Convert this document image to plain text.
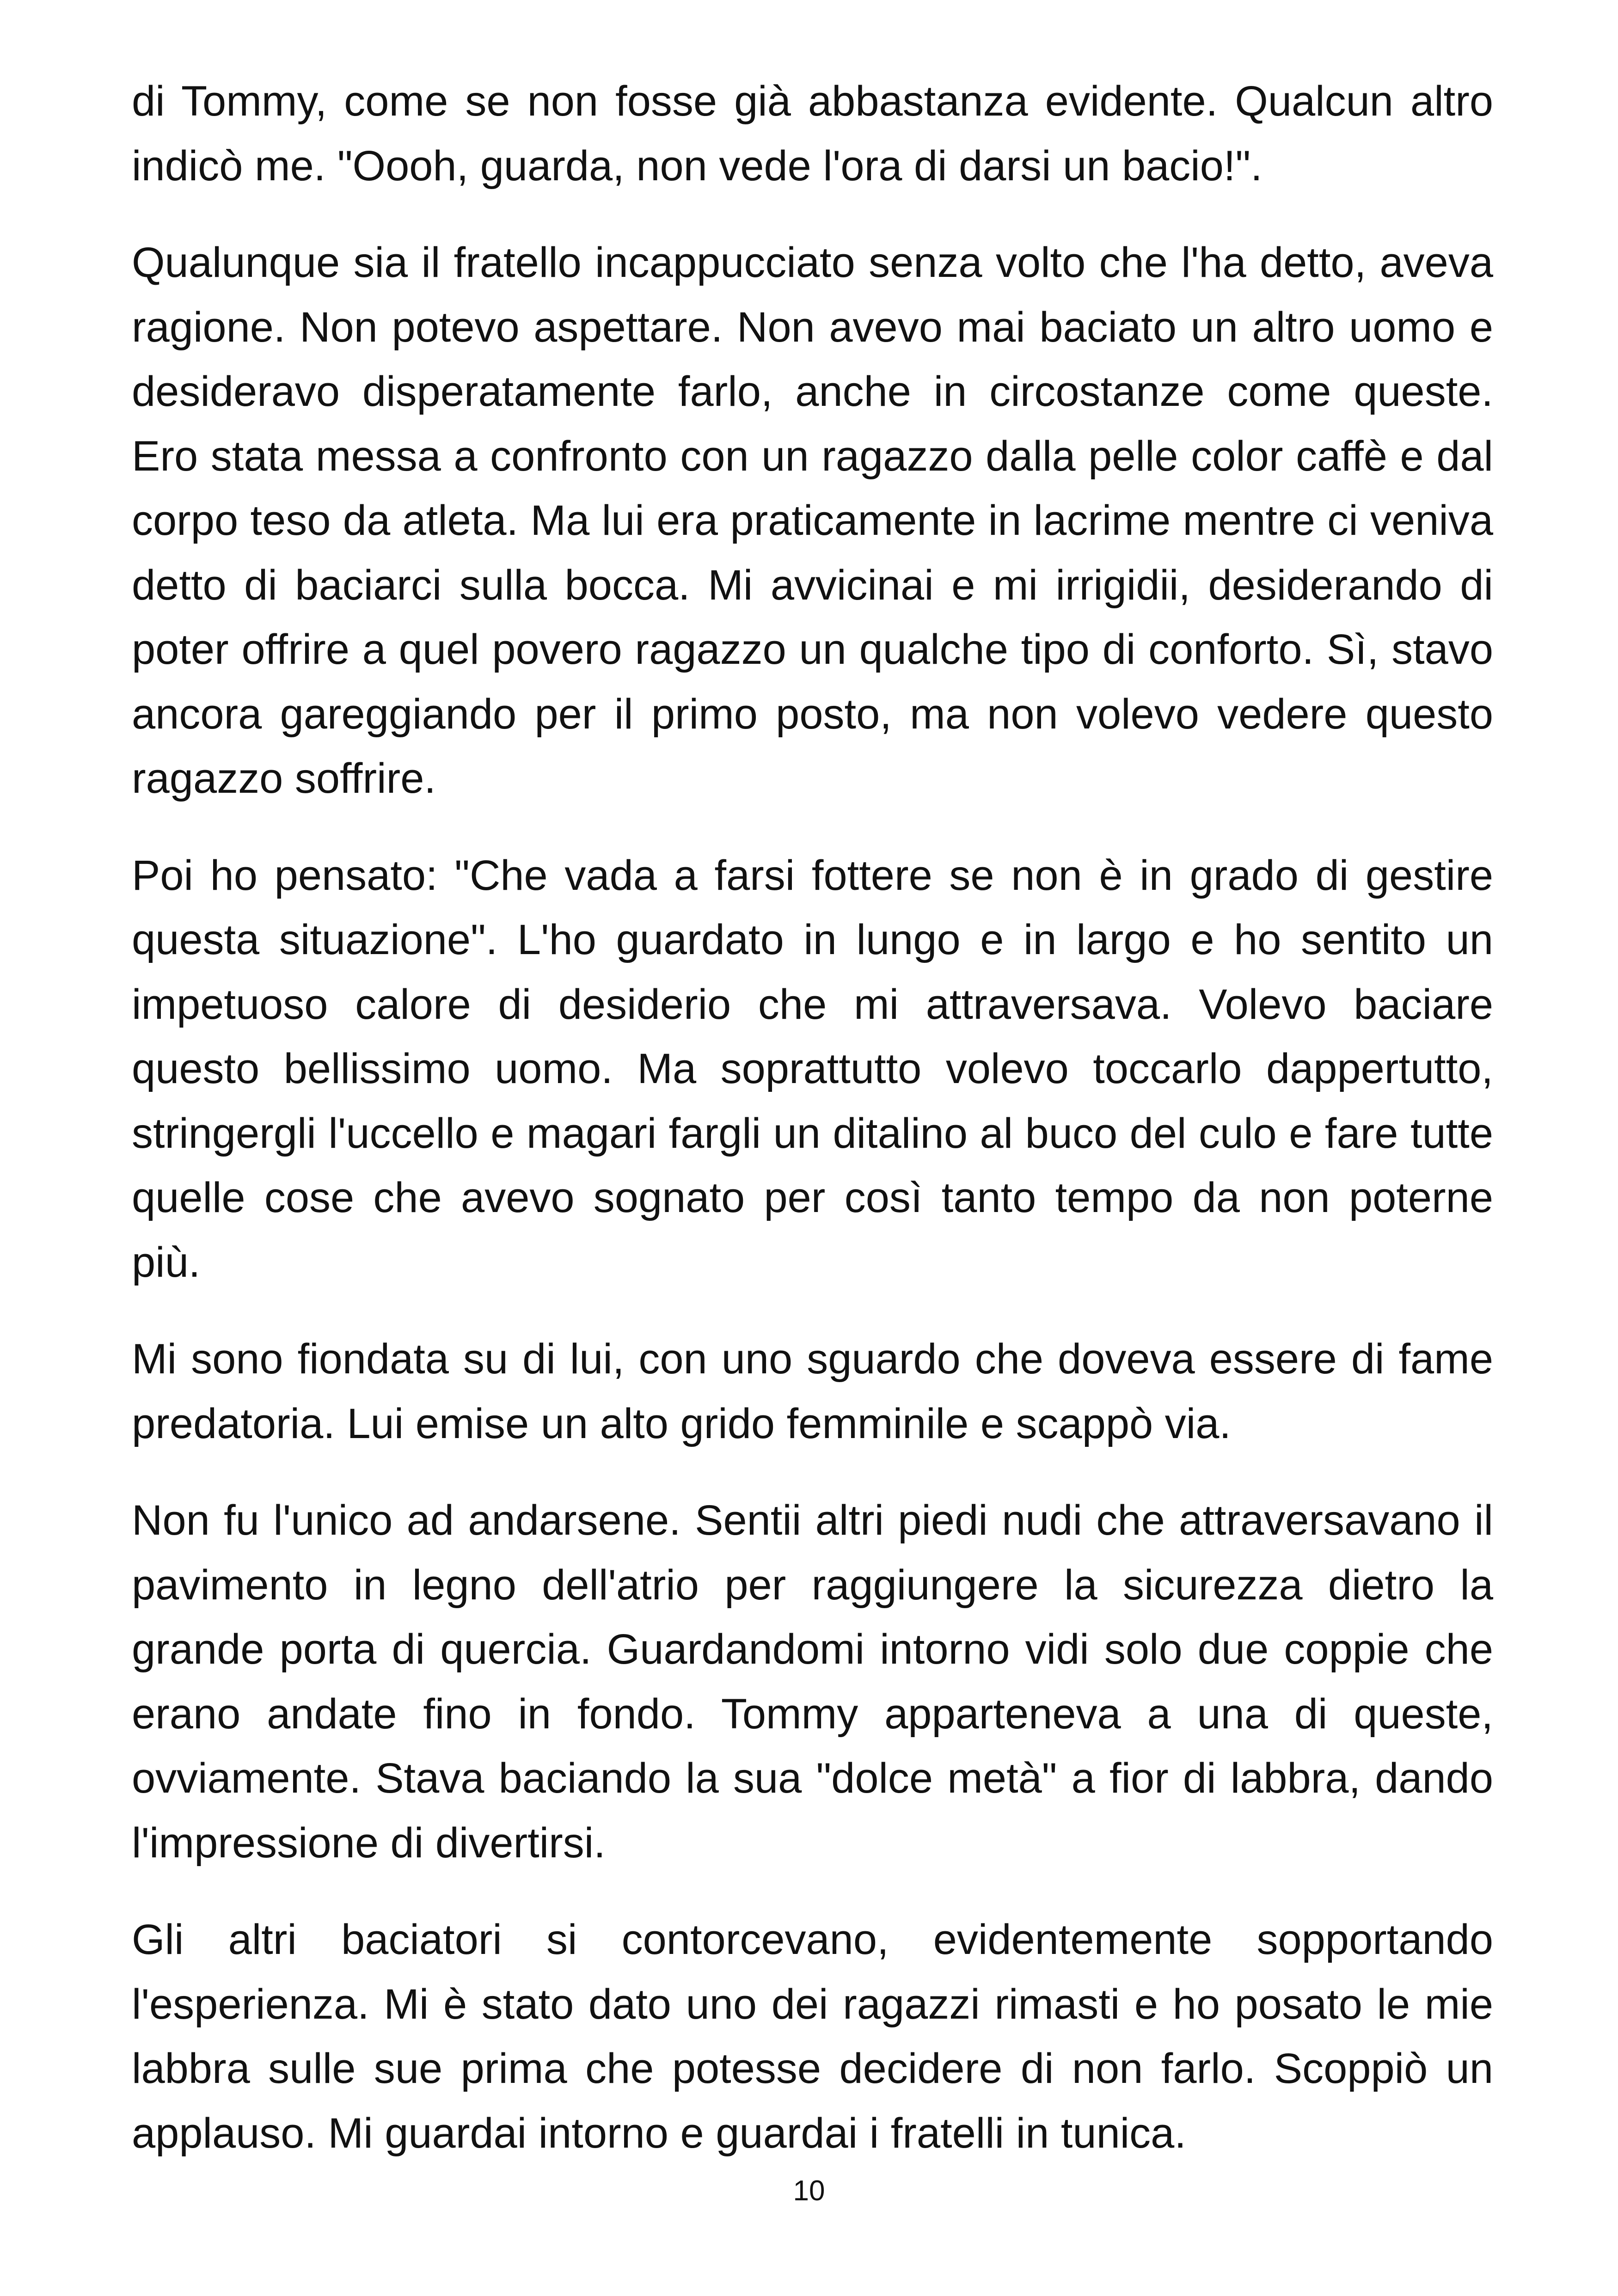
di Tommy, come se non fosse già abbastanza evidente. Qualcun altro indicò me. "Oooh, guarda, non vede l'ora di darsi un bacio!".

Qualunque sia il fratello incappucciato senza volto che l'ha detto, aveva ragione. Non potevo aspettare. Non avevo mai baciato un altro uomo e desideravo disperatamente farlo, anche in circostanze come queste. Ero stata messa a confronto con un ragazzo dalla pelle color caffè e dal corpo teso da atleta. Ma lui era praticamente in lacrime mentre ci veniva detto di baciarci sulla bocca. Mi avvicinai e mi irrigidii, desiderando di poter offrire a quel povero ragazzo un qualche tipo di conforto. Sì, stavo ancora gareggiando per il primo posto, ma non volevo vedere questo ragazzo soffrire.

Poi ho pensato: "Che vada a farsi fottere se non è in grado di gestire questa situazione". L'ho guardato in lungo e in largo e ho sentito un impetuoso calore di desiderio che mi attraversava. Volevo baciare questo bellissimo uomo. Ma soprattutto volevo toccarlo dappertutto, stringergli l'uccello e magari fargli un ditalino al buco del culo e fare tutte quelle cose che avevo sognato per così tanto tempo da non poterne più.

Mi sono fiondata su di lui, con uno sguardo che doveva essere di fame predatoria. Lui emise un alto grido femminile e scappò via.

Non fu l'unico ad andarsene. Sentii altri piedi nudi che attraversavano il pavimento in legno dell'atrio per raggiungere la sicurezza dietro la grande porta di quercia. Guardandomi intorno vidi solo due coppie che erano andate fino in fondo. Tommy apparteneva a una di queste, ovviamente. Stava baciando la sua "dolce metà" a fior di labbra, dando l'impressione di divertirsi.

Gli altri baciatori si contorcevano, evidentemente sopportando l'esperienza. Mi è stato dato uno dei ragazzi rimasti e ho posato le mie labbra sulle sue prima che potesse decidere di non farlo. Scoppiò un applauso. Mi guardai intorno e guardai i fratelli in tunica.

10
